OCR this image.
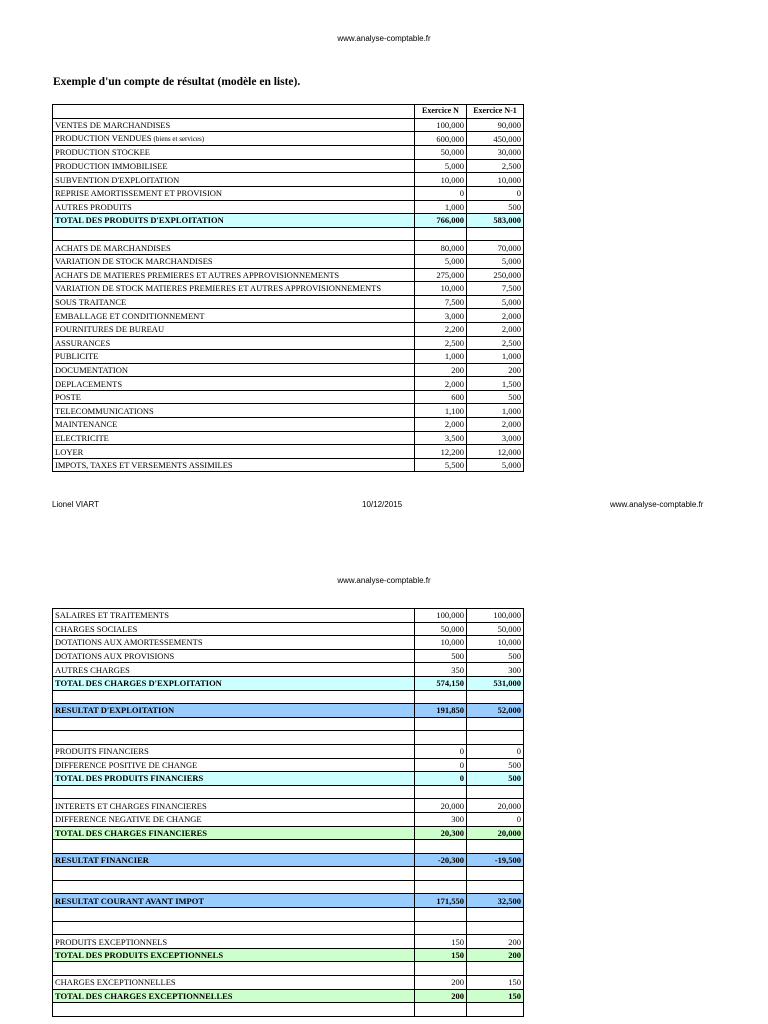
www.analyse-comptable.fr
Exemple d'un compte de résultat (modèle en liste).
	Exercice N	Exercice N-1
VENTES DE MARCHANDISES	100,000	90,000
PRODUCTION VENDUES (biens et services)	600,000	450,000
PRODUCTION STOCKEE	50,000	30,000
PRODUCTION IMMOBILISEE	5,000	2,500
SUBVENTION D'EXPLOITATION	10,000	10,000
REPRISE AMORTISSEMENT ET PROVISION	0	0
AUTRES PRODUITS	1,000	500
TOTAL DES PRODUITS D'EXPLOITATION	766,000	583,000

ACHATS DE MARCHANDISES	80,000	70,000
VARIATION DE STOCK MARCHANDISES	5,000	5,000
ACHATS DE MATIERES PREMIERES ET AUTRES APPROVISIONNEMENTS	275,000	250,000
VARIATION DE STOCK MATIERES PREMIERES ET AUTRES APPROVISIONNEMENTS	10,000	7,500
SOUS TRAITANCE	7,500	5,000
EMBALLAGE ET CONDITIONNEMENT	3,000	2,000
FOURNITURES DE BUREAU	2,200	2,000
ASSURANCES	2,500	2,500
PUBLICITE	1,000	1,000
DOCUMENTATION	200	200
DEPLACEMENTS	2,000	1,500
POSTE	600	500
TELECOMMUNICATIONS	1,100	1,000
MAINTENANCE	2,000	2,000
ELECTRICITE	3,500	3,000
LOYER	12,200	12,000
IMPOTS, TAXES ET VERSEMENTS ASSIMILES	5,500	5,000
Lionel VIART	10/12/2015	www.analyse-comptable.fr
www.analyse-comptable.fr
SALAIRES ET TRAITEMENTS	100,000	100,000
CHARGES SOCIALES	50,000	50,000
DOTATIONS AUX AMORTESSEMENTS	10,000	10,000
DOTATIONS AUX PROVISIONS	500	500
AUTRES CHARGES	350	300
TOTAL DES CHARGES D'EXPLOITATION	574,150	531,000

RESULTAT D'EXPLOITATION	191,850	52,000

PRODUITS FINANCIERS	0	0
DIFFERENCE POSITIVE DE CHANGE	0	500
TOTAL DES PRODUITS FINANCIERS	0	500

INTERETS ET CHARGES FINANCIERES	20,000	20,000
DIFFERENCE NEGATIVE DE CHANGE	300	0
TOTAL DES CHARGES FINANCIERES	20,300	20,000

RESULTAT FINANCIER	-20,300	-19,500

RESULTAT COURANT AVANT IMPOT	171,550	32,500

PRODUITS EXCEPTIONNELS	150	200
TOTAL DES PRODUITS EXCEPTIONNELS	150	200

CHARGES EXCEPTIONNELLES	200	150
TOTAL DES CHARGES EXCEPTIONNELLES	200	150
